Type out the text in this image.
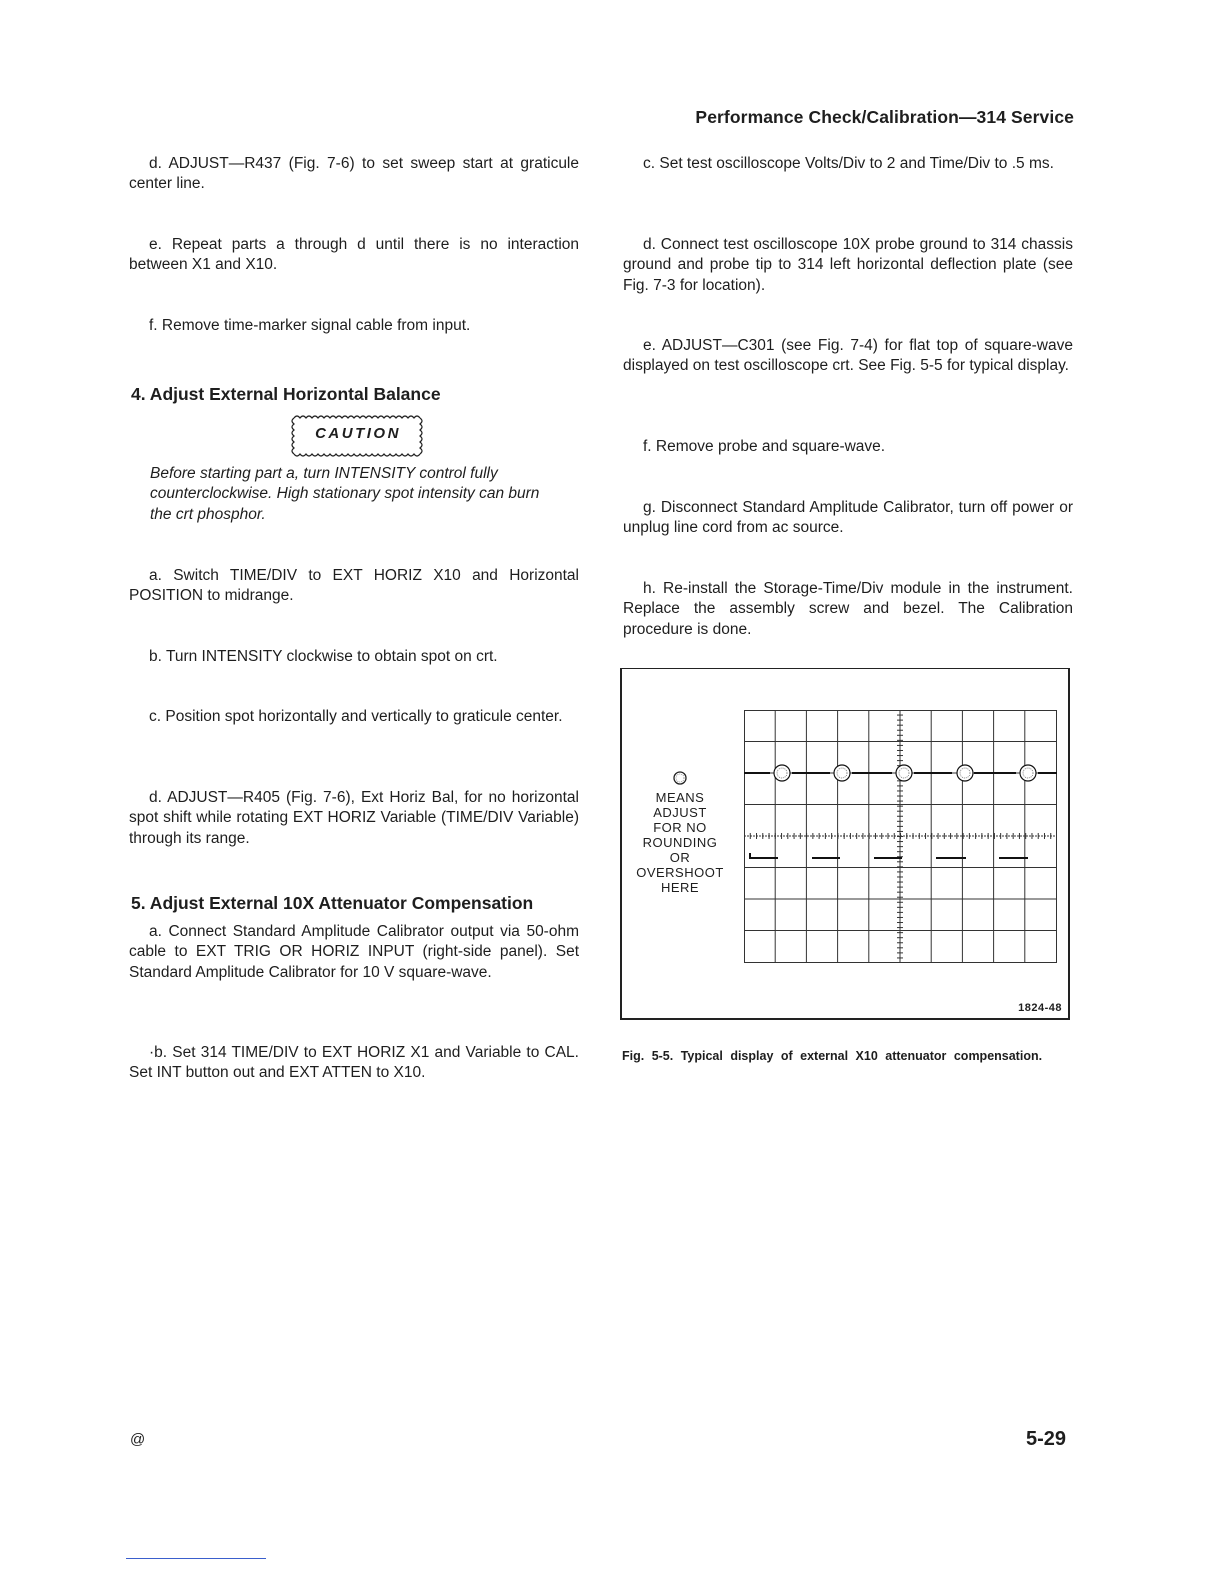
Performance Check/Calibration—314 Service

d. ADJUST—R437 (Fig. 7-6) to set sweep start at graticule center line.

e. Repeat parts a through d until there is no interaction between X1 and X10.

f. Remove time-marker signal cable from input.

4. Adjust External Horizontal Balance
CAUTION

Before starting part a, turn INTENSITY control fully counterclockwise. High stationary spot intensity can burn the crt phosphor.

a. Switch TIME/DIV to EXT HORIZ X10 and Horizontal POSITION to midrange.

b. Turn INTENSITY clockwise to obtain spot on crt.

c. Position spot horizontally and vertically to graticule center.

d. ADJUST—R405 (Fig. 7-6), Ext Horiz Bal, for no horizontal spot shift while rotating EXT HORIZ Variable (TIME/DIV Variable) through its range.

5. Adjust External 10X Attenuator Compensation

a. Connect Standard Amplitude Calibrator output via 50-ohm cable to EXT TRIG OR HORIZ INPUT (right-side panel). Set Standard Amplitude Calibrator for 10 V square-wave.

·b. Set 314 TIME/DIV to EXT HORIZ X1 and Variable to CAL. Set INT button out and EXT ATTEN to X10.

c. Set test oscilloscope Volts/Div to 2 and Time/Div to .5 ms.

d. Connect test oscilloscope 10X probe ground to 314 chassis ground and probe tip to 314 left horizontal deflection plate (see Fig. 7-3 for location).

e. ADJUST—C301 (see Fig. 7-4) for flat top of square-wave displayed on test oscilloscope crt. See Fig. 5-5 for typical display.

f. Remove probe and square-wave.

g. Disconnect Standard Amplitude Calibrator, turn off power or unplug line cord from ac source.

h. Re-install the Storage-Time/Div module in the instrument. Replace the assembly screw and bezel. The Calibration procedure is done.

1824-48
MEANS
ADJUST
FOR NO
ROUNDING
OR
OVERSHOOT
HERE

Fig. 5-5. Typical display of external X10 attenuator compensation.

@	5-29
